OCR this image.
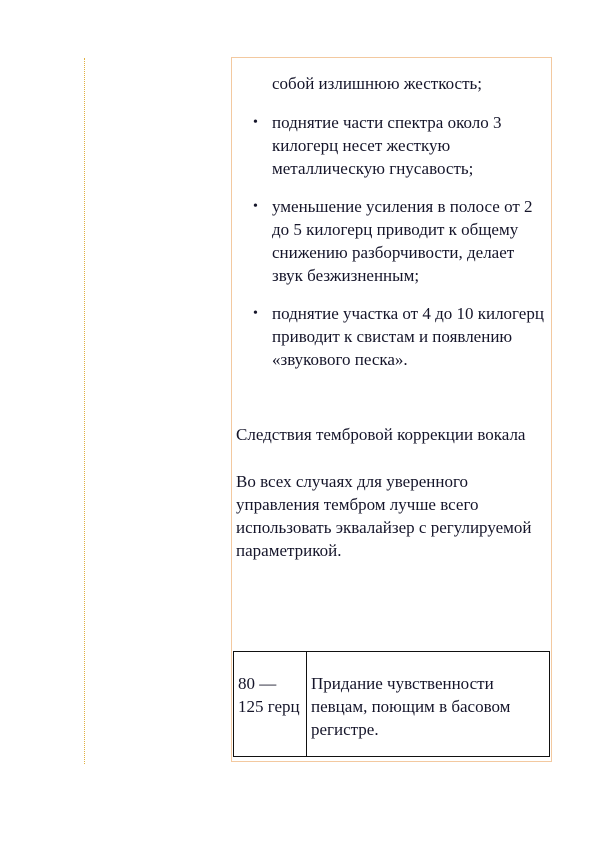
собой излишнюю жесткость;
• поднятие части спектра около 3 килогерц несет жесткую металлическую гнусавость;
• уменьшение усиления в полосе от 2 до 5 килогерц приводит к общему снижению разборчивости, делает звук безжизненным;
• поднятие участка от 4 до 10 килогерц приводит к свистам и появлению «звукового песка».
Следствия тембровой коррекции вокала
Во всех случаях для уверенного управления тембром лучше всего использовать эквалайзер с регулируемой параметрикой.
80 — 125 герц	Придание чувственности певцам, поющим в басовом регистре.
